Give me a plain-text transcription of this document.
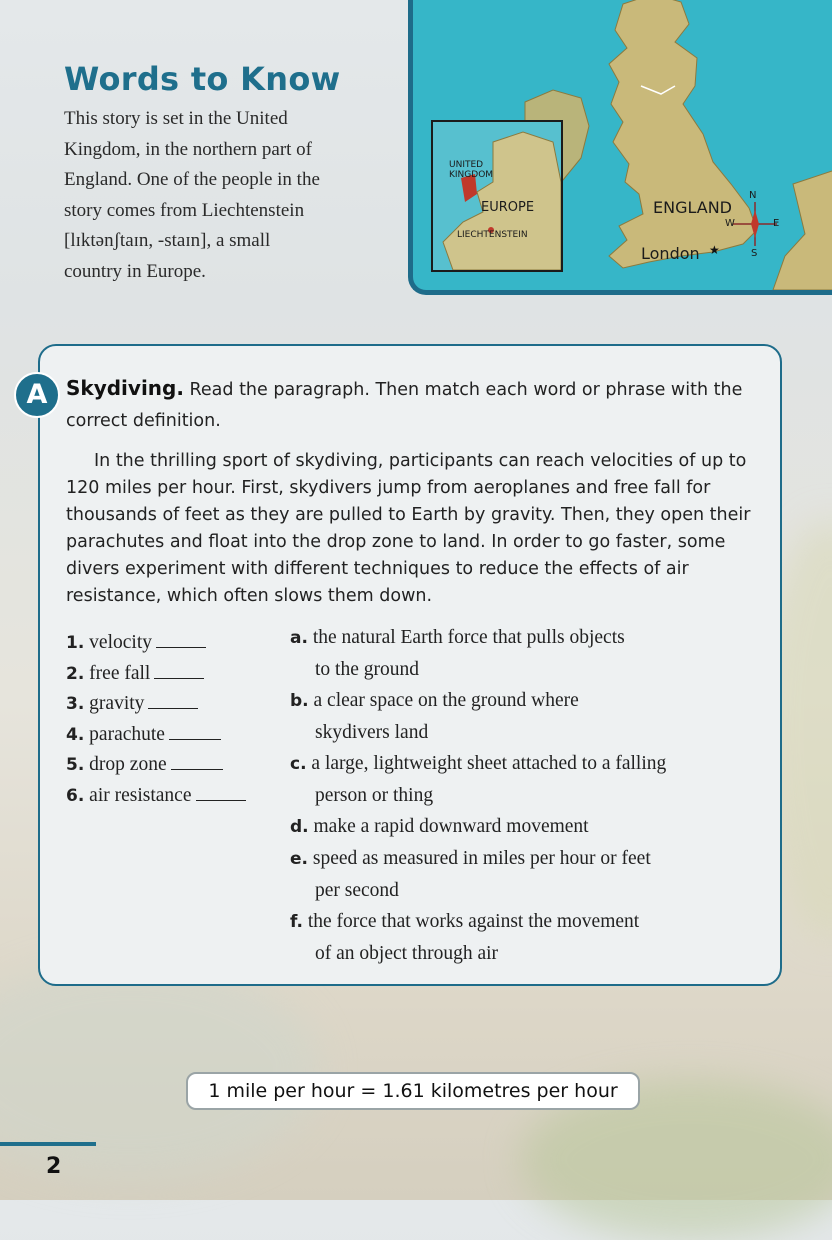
Words to Know

This story is set in the United
Kingdom, in the northern part of
England. One of the people in the
story comes from Liechtenstein
[lɪktənʃtaɪn, -staɪn], a small
country in Europe.

★
ENGLAND
London
N
S
E
W
UNITED
KINGDOM
EUROPE
LIECHTENSTEIN
A Skydiving. Read the paragraph. Then match each word or phrase with the
correct definition.

In the thrilling sport of skydiving, participants can reach velocities of up to 120 miles per hour. First, skydivers jump from aeroplanes and free fall for thousands of feet as they are pulled to Earth by gravity. Then, they open their parachutes and float into the drop zone to land. In order to go faster, some divers experiment with different techniques to reduce the effects of air resistance, which often slows them down.

1. velocity
2. free fall
3. gravity
4. parachute
5. drop zone
6. air resistance
a. the natural Earth force that pulls objects
to the ground
b. a clear space on the ground where
skydivers land
c. a large, lightweight sheet attached to a falling
person or thing
d. make a rapid downward movement
e. speed as measured in miles per hour or feet
per second
f. the force that works against the movement
of an object through air
1 mile per hour = 1.61 kilometres per hour
2
